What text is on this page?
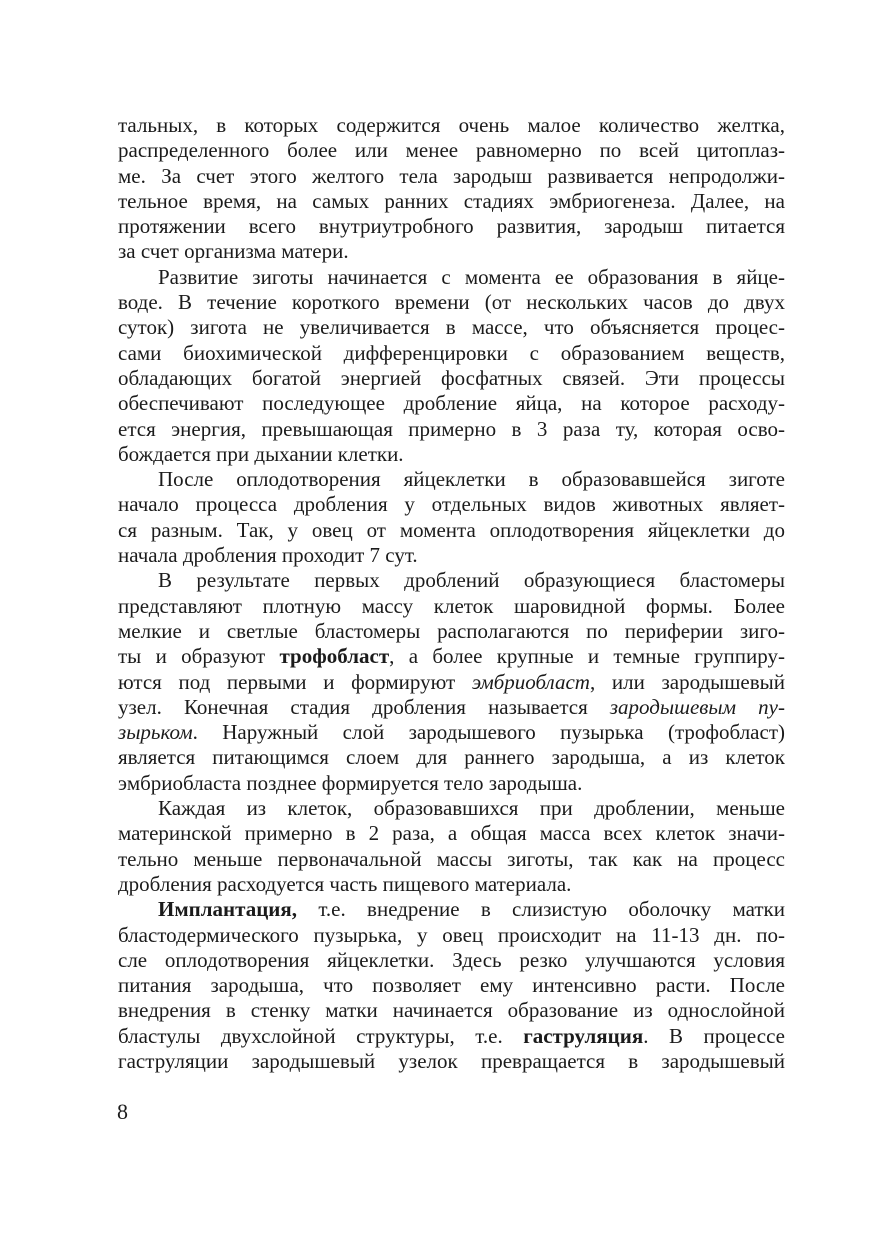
тальных, в которых содержится очень малое количество желтка,
распределенного более или менее равномерно по всей цитоплаз-
ме. За счет этого желтого тела зародыш развивается непродолжи-
тельное время, на самых ранних стадиях эмбриогенеза. Далее, на
протяжении всего внутриутробного развития, зародыш питается
за счет организма матери.
Развитие зиготы начинается с момента ее образования в яйце-
воде. В течение короткого времени (от нескольких часов до двух
суток) зигота не увеличивается в массе, что объясняется процес-
сами биохимической дифференцировки с образованием веществ,
обладающих богатой энергией фосфатных связей. Эти процессы
обеспечивают последующее дробление яйца, на которое расходу-
ется энергия, превышающая примерно в 3 раза ту, которая осво-
бождается при дыхании клетки.
После оплодотворения яйцеклетки в образовавшейся зиготе
начало процесса дробления у отдельных видов животных являет-
ся разным. Так, у овец от момента оплодотворения яйцеклетки до
начала дробления проходит 7 сут.
В результате первых дроблений образующиеся бластомеры
представляют плотную массу клеток шаровидной формы. Более
мелкие и светлые бластомеры располагаются по периферии зиго-
ты и образуют трофобласт, а более крупные и темные группиру-
ются под первыми и формируют эмбриобласт, или зародышевый
узел. Конечная стадия дробления называется зародышевым пу-
зырьком. Наружный слой зародышевого пузырька (трофобласт)
является питающимся слоем для раннего зародыша, а из клеток
эмбриобласта позднее формируется тело зародыша.
Каждая из клеток, образовавшихся при дроблении, меньше
материнской примерно в 2 раза, а общая масса всех клеток значи-
тельно меньше первоначальной массы зиготы, так как на процесс
дробления расходуется часть пищевого материала.
Имплантация, т.е. внедрение в слизистую оболочку матки
бластодермического пузырька, у овец происходит на 11-13 дн. по-
сле оплодотворения яйцеклетки. Здесь резко улучшаются условия
питания зародыша, что позволяет ему интенсивно расти. После
внедрения в стенку матки начинается образование из однослойной
бластулы двухслойной структуры, т.е. гаструляция. В процессе
гаструляции зародышевый узелок превращается в зародышевый
8
